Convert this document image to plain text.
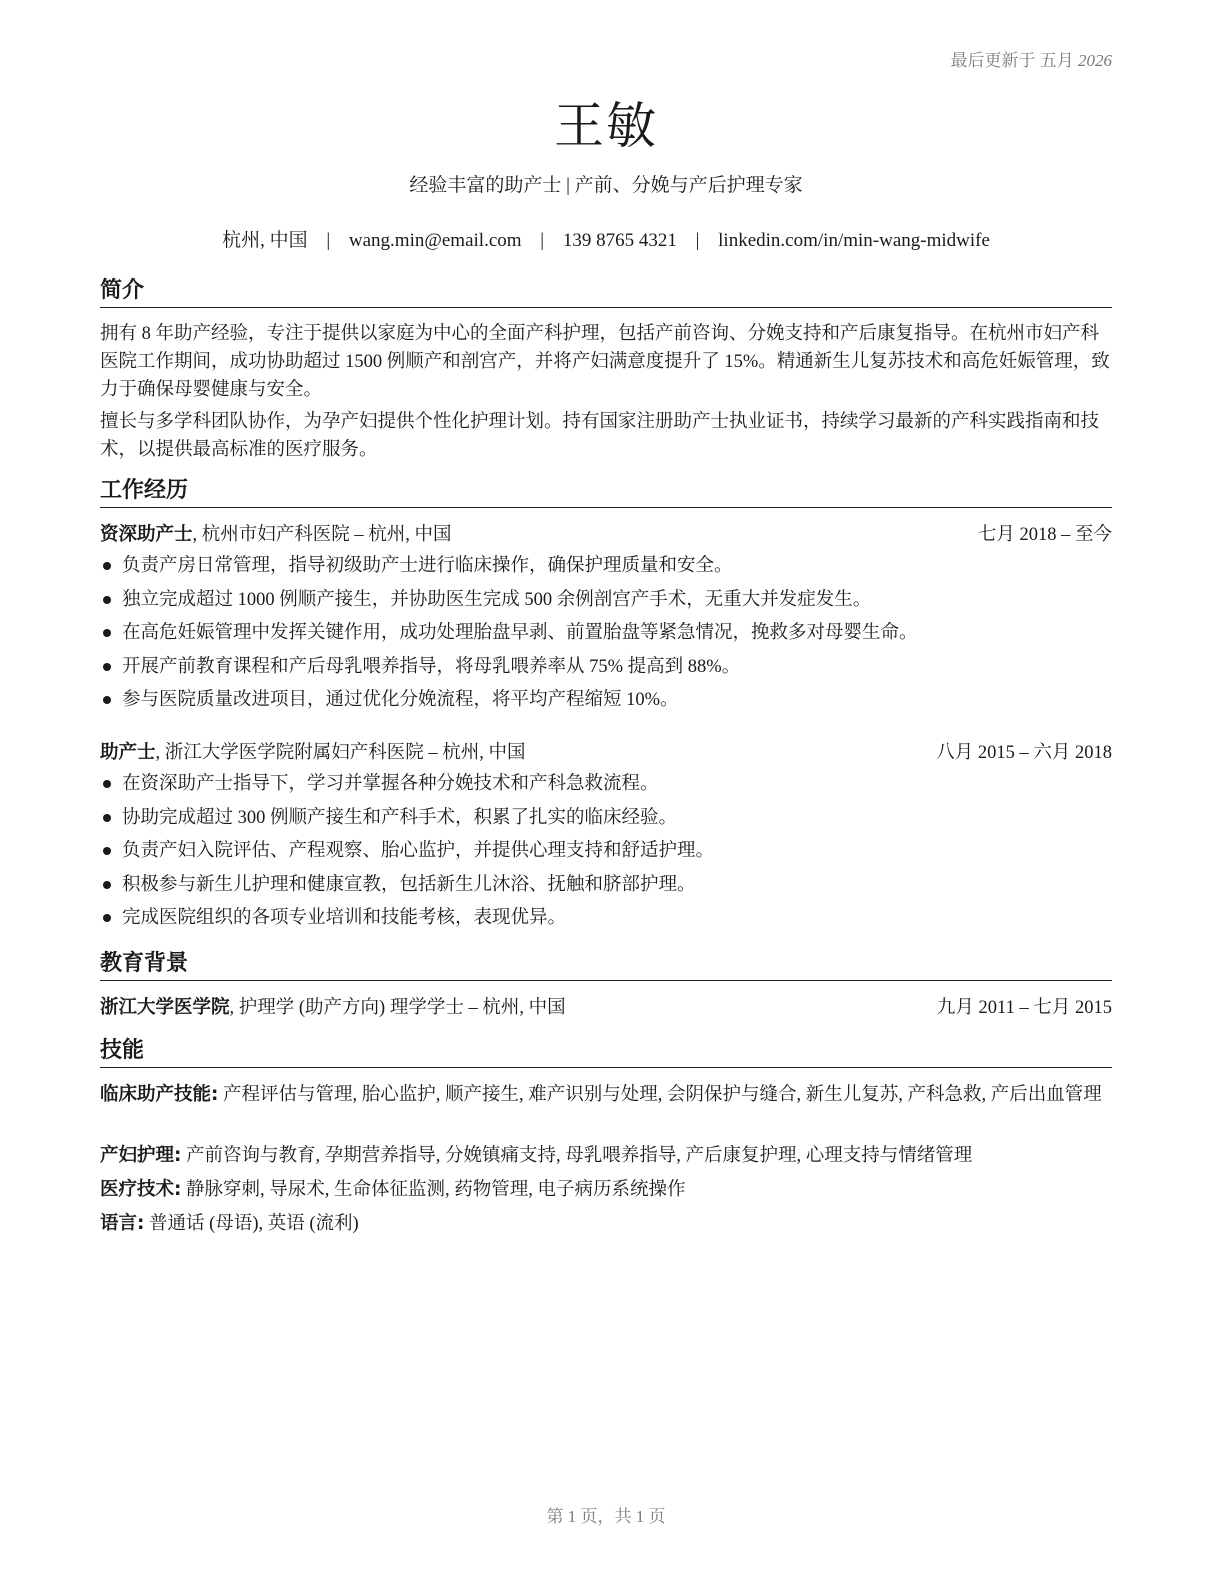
最后更新于 五月 2026
王敏
经验丰富的助产士 | 产前、分娩与产后护理专家
杭州, 中国 | wang.min@email.com | 139 8765 4321 | linkedin.com/in/min-wang-midwife
简介
拥有 8 年助产经验，专注于提供以家庭为中心的全面产科护理，包括产前咨询、分娩支持和产后康复指导。在杭州市妇产科医院工作期间，成功协助超过 1500 例顺产和剖宫产，并将产妇满意度提升了 15%。精通新生儿复苏技术和高危妊娠管理，致力于确保母婴健康与安全。
擅长与多学科团队协作，为孕产妇提供个性化护理计划。持有国家注册助产士执业证书，持续学习最新的产科实践指南和技术，以提供最高标准的医疗服务。
工作经历
资深助产士, 杭州市妇产科医院 – 杭州, 中国	七月 2018 – 至今
负责产房日常管理，指导初级助产士进行临床操作，确保护理质量和安全。
独立完成超过 1000 例顺产接生，并协助医生完成 500 余例剖宫产手术，无重大并发症发生。
在高危妊娠管理中发挥关键作用，成功处理胎盘早剥、前置胎盘等紧急情况，挽救多对母婴生命。
开展产前教育课程和产后母乳喂养指导，将母乳喂养率从 75% 提高到 88%。
参与医院质量改进项目，通过优化分娩流程，将平均产程缩短 10%。
助产士, 浙江大学医学院附属妇产科医院 – 杭州, 中国	八月 2015 – 六月 2018
在资深助产士指导下，学习并掌握各种分娩技术和产科急救流程。
协助完成超过 300 例顺产接生和产科手术，积累了扎实的临床经验。
负责产妇入院评估、产程观察、胎心监护，并提供心理支持和舒适护理。
积极参与新生儿护理和健康宣教，包括新生儿沐浴、抚触和脐部护理。
完成医院组织的各项专业培训和技能考核，表现优异。
教育背景
浙江大学医学院, 护理学 (助产方向) 理学学士 – 杭州, 中国	九月 2011 – 七月 2015
技能
临床助产技能: 产程评估与管理, 胎心监护, 顺产接生, 难产识别与处理, 会阴保护与缝合, 新生儿复苏, 产科急救, 产后出血管理
产妇护理: 产前咨询与教育, 孕期营养指导, 分娩镇痛支持, 母乳喂养指导, 产后康复护理, 心理支持与情绪管理
医疗技术: 静脉穿刺, 导尿术, 生命体征监测, 药物管理, 电子病历系统操作
语言: 普通话 (母语), 英语 (流利)
第 1 页，共 1 页
